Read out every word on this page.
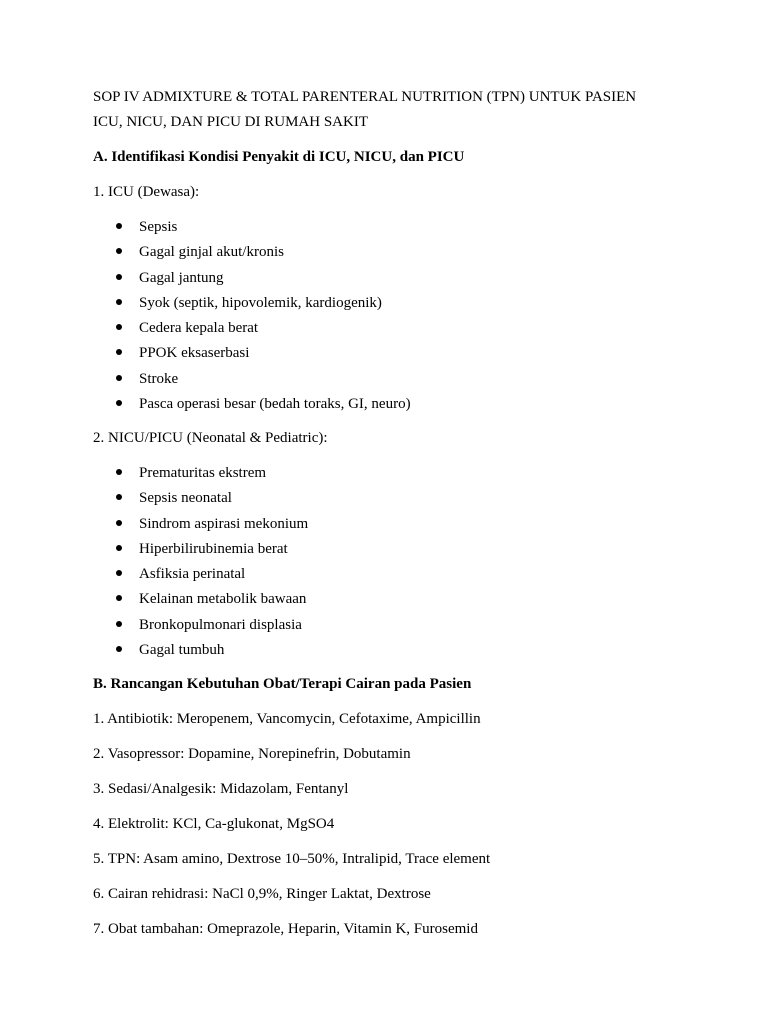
SOP IV ADMIXTURE & TOTAL PARENTERAL NUTRITION (TPN) UNTUK PASIEN
ICU, NICU, DAN PICU DI RUMAH SAKIT
A. Identifikasi Kondisi Penyakit di ICU, NICU, dan PICU
1. ICU (Dewasa):
Sepsis
Gagal ginjal akut/kronis
Gagal jantung
Syok (septik, hipovolemik, kardiogenik)
Cedera kepala berat
PPOK eksaserbasi
Stroke
Pasca operasi besar (bedah toraks, GI, neuro)
2. NICU/PICU (Neonatal & Pediatric):
Prematuritas ekstrem
Sepsis neonatal
Sindrom aspirasi mekonium
Hiperbilirubinemia berat
Asfiksia perinatal
Kelainan metabolik bawaan
Bronkopulmonari displasia
Gagal tumbuh
B. Rancangan Kebutuhan Obat/Terapi Cairan pada Pasien
1. Antibiotik: Meropenem, Vancomycin, Cefotaxime, Ampicillin
2. Vasopressor: Dopamine, Norepinefrin, Dobutamin
3. Sedasi/Analgesik: Midazolam, Fentanyl
4. Elektrolit: KCl, Ca-glukonat, MgSO4
5. TPN: Asam amino, Dextrose 10–50%, Intralipid, Trace element
6. Cairan rehidrasi: NaCl 0,9%, Ringer Laktat, Dextrose
7. Obat tambahan: Omeprazole, Heparin, Vitamin K, Furosemid
